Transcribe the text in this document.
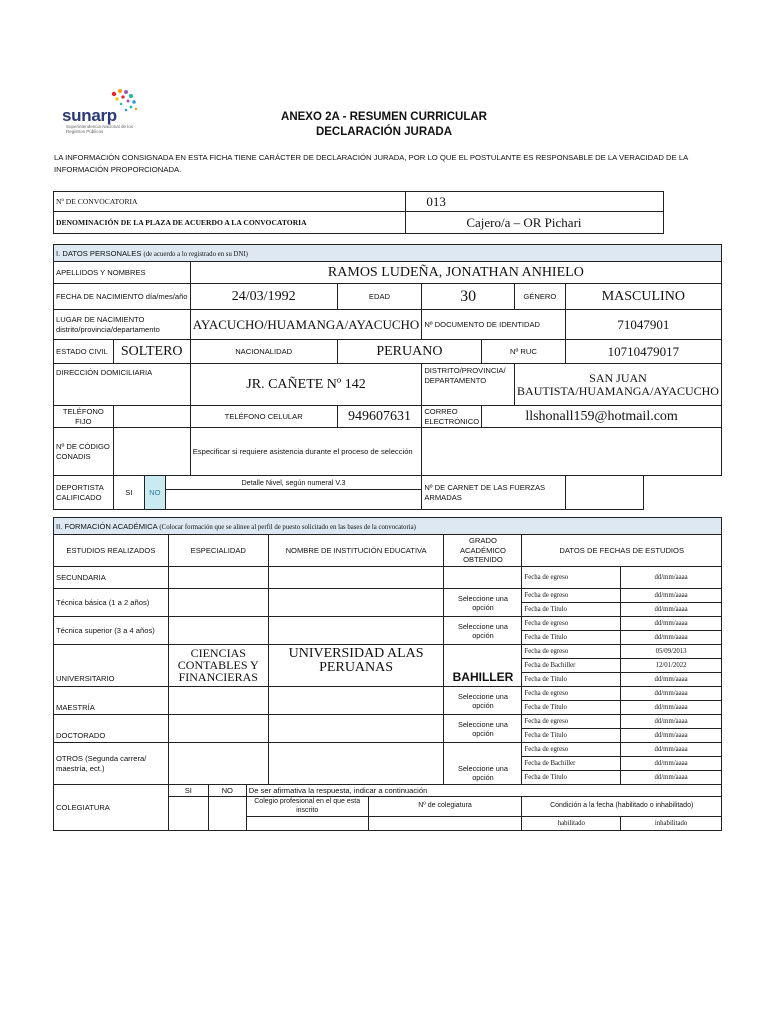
sunarp
Superintendencia Nacional de los Registros Públicos
ANEXO 2A - RESUMEN CURRICULAR
DECLARACIÓN JURADA
LA INFORMACIÓN CONSIGNADA EN ESTA FICHA TIENE CARÁCTER DE DECLARACIÓN JURADA, POR LO QUE EL POSTULANTE ES RESPONSABLE DE LA VERACIDAD DE LA INFORMACIÓN PROPORCIONADA.
Nº DE CONVOCATORIA	013
DENOMINACIÓN DE LA PLAZA DE ACUERDO A LA CONVOCATORIA	Cajero/a – OR Pichari
I. DATOS PERSONALES (de acuerdo a lo registrado en su DNI)										
APELLIDOS Y NOMBRES				RAMOS LUDEÑA, JONATHAN ANHIELO						
FECHA DE NACIMIENTO día/mes/año				24/03/1992	EDAD	30		GÉNERO	MASCULINO	
LUGAR DE NACIMIENTO distrito/provincia/departamento				AYACUCHO/HUAMANGA/AYACUCHO		Nº DOCUMENTO DE IDENTIDAD			71047901	
ESTADO CIVIL	SOLTERO			NACIONALIDAD	PERUANO		Nº RUC		10710479017	
DIRECCIÓN DOMICILIARIA				JR. CAÑETE Nº 142		DISTRITO/PROVINCIA/ DEPARTAMENTO		SAN JUAN BAUTISTA/HUAMANGA/AYACUCHO		
TELÉFONO FIJO				TELÉFONO CELULAR	949607631	CORREO ELECTRÓNICO	llshonall159@hotmail.com			
Nº DE CÓDIGO CONADIS				Especificar si requiere asistencia durante el proceso de selección						
DEPORTISTA CALIFICADO	SI	NO	Detalle Nivel, según numeral V.3			Nº DE CARNET DE LAS FUERZAS ARMADAS				

II. FORMACIÓN ACADÉMICA (Colocar formación que se alinee al perfil de puesto solicitado en las bases de la convocatoria)								
ESTUDIOS REALIZADOS	ESPECIALIDAD			NOMBRE DE INSTITUCIÓN EDUCATIVA		GRADO ACADÉMICO OBTENIDO	DATOS DE FECHAS DE ESTUDIOS	
SECUNDARIA							Fecha de egreso	dd/mm/aaaa
Técnica básica (1 a 2 años)						Seleccione una opción	Fecha de egreso	dd/mm/aaaa
							Fecha de Título	dd/mm/aaaa
Técnica superior (3 a 4 años)						Seleccione una opción	Fecha de egreso	dd/mm/aaaa
							Fecha de Título	dd/mm/aaaa
UNIVERSITARIO	CIENCIAS CONTABLES Y FINANCIERAS			UNIVERSIDAD ALAS PERUANAS		BAHILLER	Fecha de egreso	05/09/2013
							Fecha de Bachiller	12/01/2022
							Fecha de Título	dd/mm/aaaa
MAESTRÍA						Seleccione una opción	Fecha de egreso	dd/mm/aaaa
							Fecha de Título	dd/mm/aaaa
DOCTORADO						Seleccione una opción	Fecha de egreso	dd/mm/aaaa
							Fecha de Título	dd/mm/aaaa
OTROS (Segunda carrera/ maestría, ect.)						Seleccione una opción	Fecha de egreso	dd/mm/aaaa
							Fecha de Bachiller	dd/mm/aaaa
							Fecha de Título	dd/mm/aaaa
COLEGIATURA	SI	NO	De ser afirmativa la respuesta, indicar a continuación					
			Colegio profesional en el que esta inscrito		Nº de colegiatura		Condición a la fecha (habilitado o inhabilitado)	
							habilitado	inhabilitado
